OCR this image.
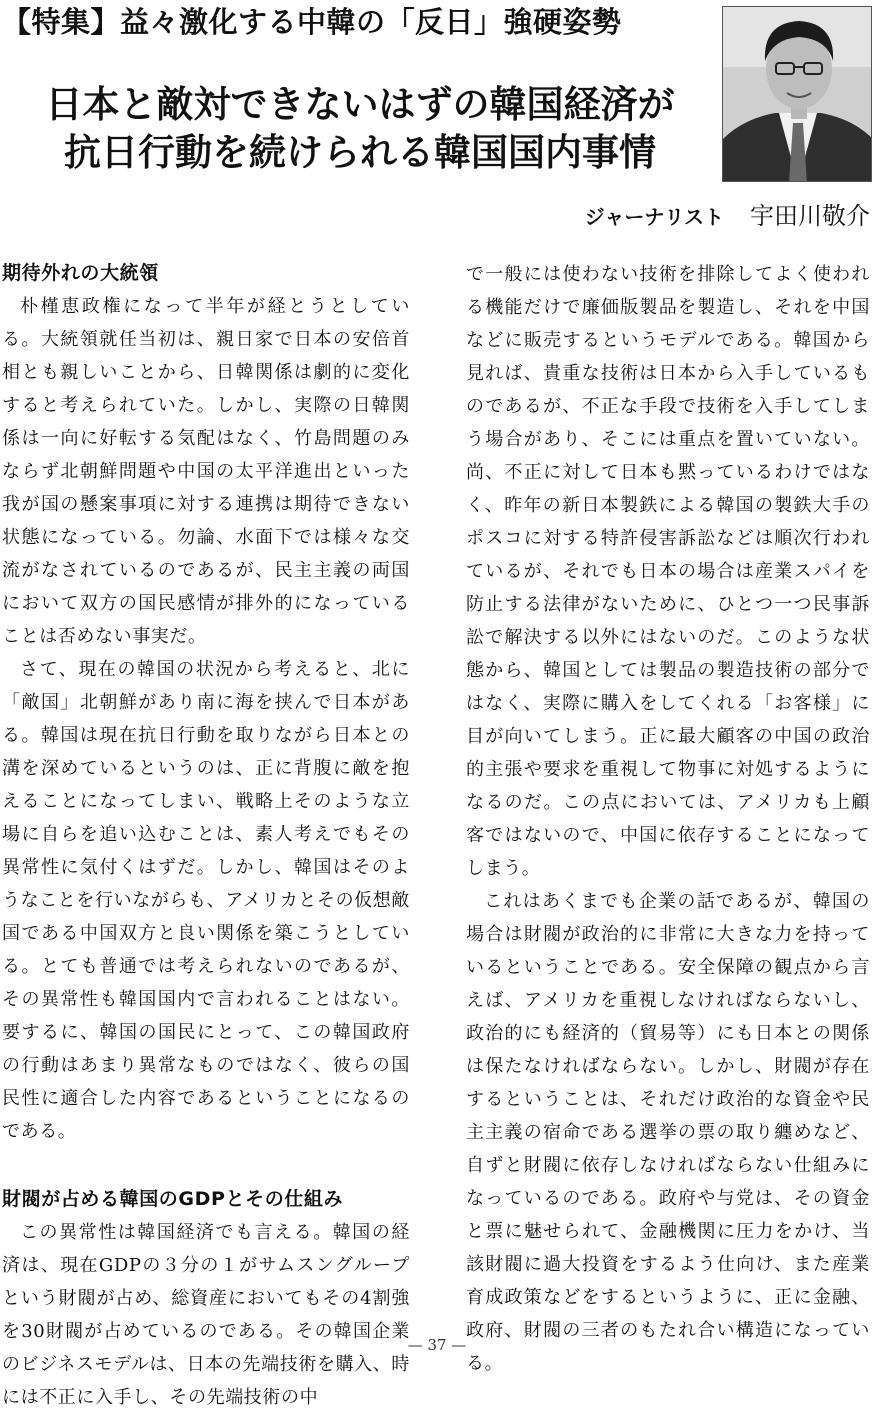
【特集】益々激化する中韓の「反日」強硬姿勢
日本と敵対できないはずの韓国経済が
抗日行動を続けられる韓国国内事情
ジャーナリスト 宇田川敬介
期待外れの大統領

朴槿恵政権になって半年が経とうとしている。大統領就任当初は、親日家で日本の安倍首相とも親しいことから、日韓関係は劇的に変化すると考えられていた。しかし、実際の日韓関係は一向に好転する気配はなく、竹島問題のみならず北朝鮮問題や中国の太平洋進出といった我が国の懸案事項に対する連携は期待できない状態になっている。勿論、水面下では様々な交流がなされているのであるが、民主主義の両国において双方の国民感情が排外的になっていることは否めない事実だ。

さて、現在の韓国の状況から考えると、北に「敵国」北朝鮮があり南に海を挟んで日本がある。韓国は現在抗日行動を取りながら日本との溝を深めているというのは、正に背腹に敵を抱えることになってしまい、戦略上そのような立場に自らを追い込むことは、素人考えでもその異常性に気付くはずだ。しかし、韓国はそのようなことを行いながらも、アメリカとその仮想敵国である中国双方と良い関係を築こうとしている。とても普通では考えられないのであるが、その異常性も韓国国内で言われることはない。要するに、韓国の国民にとって、この韓国政府の行動はあまり異常なものではなく、彼らの国民性に適合した内容であるということになるのである。

財閥が占める韓国のGDPとその仕組み

この異常性は韓国経済でも言える。韓国の経済は、現在GDPの３分の１がサムスングループという財閥が占め、総資産においてもその4割強を30財閥が占めているのである。その韓国企業のビジネスモデルは、日本の先端技術を購入、時には不正に入手し、その先端技術の中

で一般には使わない技術を排除してよく使われる機能だけで廉価版製品を製造し、それを中国などに販売するというモデルである。韓国から見れば、貴重な技術は日本から入手しているものであるが、不正な手段で技術を入手してしまう場合があり、そこには重点を置いていない。尚、不正に対して日本も黙っているわけではなく、昨年の新日本製鉄による韓国の製鉄大手のポスコに対する特許侵害訴訟などは順次行われているが、それでも日本の場合は産業スパイを防止する法律がないために、ひとつ一つ民事訴訟で解決する以外にはないのだ。このような状態から、韓国としては製品の製造技術の部分ではなく、実際に購入をしてくれる「お客様」に目が向いてしまう。正に最大顧客の中国の政治的主張や要求を重視して物事に対処するようになるのだ。この点においては、アメリカも上顧客ではないので、中国に依存することになってしまう。

これはあくまでも企業の話であるが、韓国の場合は財閥が政治的に非常に大きな力を持っているということである。安全保障の観点から言えば、アメリカを重視しなければならないし、政治的にも経済的（貿易等）にも日本との関係は保たなければならない。しかし、財閥が存在するということは、それだけ政治的な資金や民主主義の宿命である選挙の票の取り纏めなど、自ずと財閥に依存しなければならない仕組みになっているのである。政府や与党は、その資金と票に魅せられて、金融機関に圧力をかけ、当該財閥に過大投資をするよう仕向け、また産業育成政策などをするというように、正に金融、政府、財閥の三者のもたれ合い構造になっている。

— 37 —
